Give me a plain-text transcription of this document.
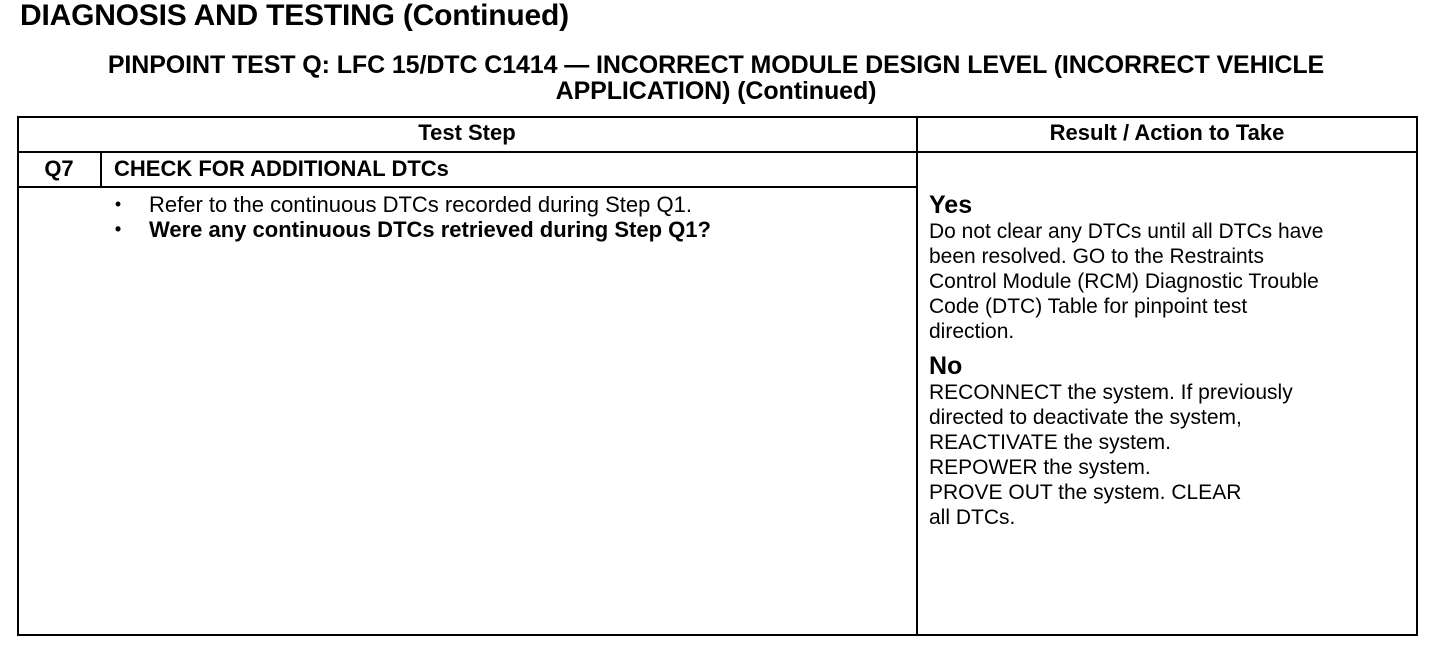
DIAGNOSIS AND TESTING (Continued)
PINPOINT TEST Q: LFC 15/DTC C1414 — INCORRECT MODULE DESIGN LEVEL (INCORRECT VEHICLE
APPLICATION) (Continued)
Test Step	Result / Action to Take
Q7	CHECK FOR ADDITIONAL DTCs
• Refer to the continuous DTCs recorded during Step Q1.
• Were any continuous DTCs retrieved during Step Q1?
Yes
Do not clear any DTCs until all DTCs have
been resolved. GO to the Restraints
Control Module (RCM) Diagnostic Trouble
Code (DTC) Table for pinpoint test
direction.
No
RECONNECT the system. If previously
directed to deactivate the system,
REACTIVATE the system.
REPOWER the system.
PROVE OUT the system. CLEAR
all DTCs.
